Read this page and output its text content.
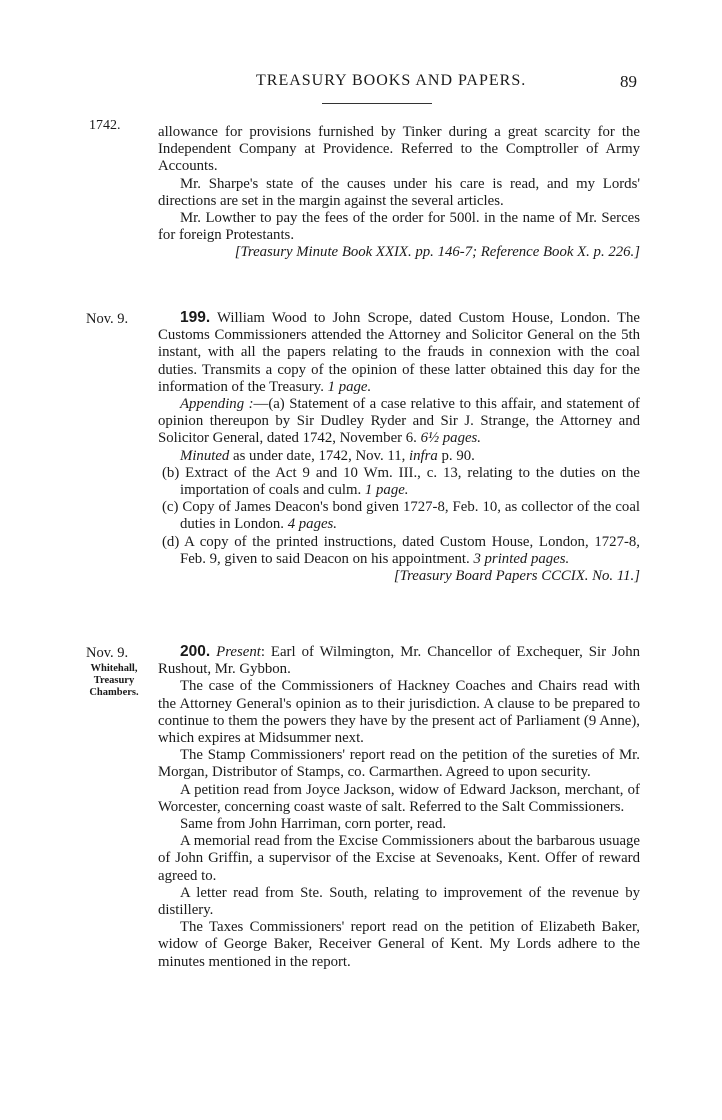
TREASURY BOOKS AND PAPERS.	89
1742.	allowance for provisions furnished by Tinker during a great scarcity for the Independent Company at Providence. Referred to the Comptroller of Army Accounts.

Mr. Sharpe's state of the causes under his care is read, and my Lords' directions are set in the margin against the several articles.

Mr. Lowther to pay the fees of the order for 500l. in the name of Mr. Serces for foreign Protestants.

[Treasury Minute Book XXIX. pp. 146-7; Reference Book X. p. 226.]

Nov. 9.	199. William Wood to John Scrope, dated Custom House, London. The Customs Commissioners attended the Attorney and Solicitor General on the 5th instant, with all the papers relating to the frauds in connexion with the coal duties. Transmits a copy of the opinion of these latter obtained this day for the information of the Treasury. 1 page.

Appending :—(a) Statement of a case relative to this affair, and statement of opinion thereupon by Sir Dudley Ryder and Sir J. Strange, the Attorney and Solicitor General, dated 1742, November 6. 6½ pages.

Minuted as under date, 1742, Nov. 11, infra p. 90.

(b) Extract of the Act 9 and 10 Wm. III., c. 13, relating to the duties on the importation of coals and culm. 1 page.

(c) Copy of James Deacon's bond given 1727-8, Feb. 10, as collector of the coal duties in London. 4 pages.

(d) A copy of the printed instructions, dated Custom House, London, 1727-8, Feb. 9, given to said Deacon on his appointment. 3 printed pages.

[Treasury Board Papers CCCIX. No. 11.]

Nov. 9.
Whitehall,
Treasury
Chambers.

200. Present: Earl of Wilmington, Mr. Chancellor of Exchequer, Sir John Rushout, Mr. Gybbon.

The case of the Commissioners of Hackney Coaches and Chairs read with the Attorney General's opinion as to their jurisdiction. A clause to be prepared to continue to them the powers they have by the present act of Parliament (9 Anne), which expires at Midsummer next.

The Stamp Commissioners' report read on the petition of the sureties of Mr. Morgan, Distributor of Stamps, co. Carmarthen. Agreed to upon security.

A petition read from Joyce Jackson, widow of Edward Jackson, merchant, of Worcester, concerning coast waste of salt. Referred to the Salt Commissioners.

Same from John Harriman, corn porter, read.

A memorial read from the Excise Commissioners about the barbarous usuage of John Griffin, a supervisor of the Excise at Sevenoaks, Kent. Offer of reward agreed to.

A letter read from Ste. South, relating to improvement of the revenue by distillery.

The Taxes Commissioners' report read on the petition of Elizabeth Baker, widow of George Baker, Receiver General of Kent. My Lords adhere to the minutes mentioned in the report.
